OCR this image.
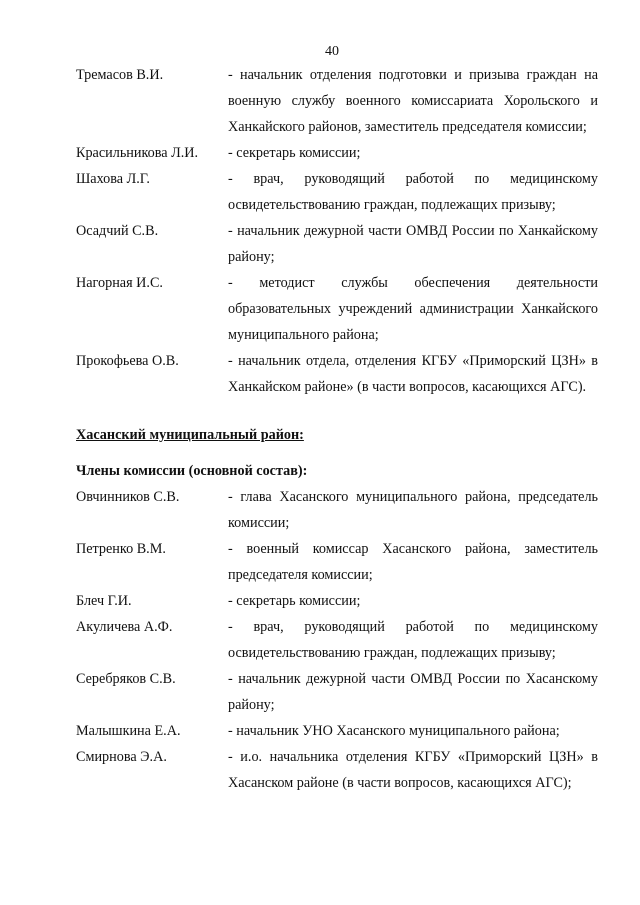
40
Тремасов В.И.	- начальник отделения подготовки и призыва граждан на военную службу военного комиссариата Хорольского и Ханкайского районов, заместитель председателя комиссии;
Красильникова Л.И.	- секретарь комиссии;
Шахова Л.Г.	- врач, руководящий работой по медицинскому освидетельствованию граждан, подлежащих призыву;
Осадчий С.В.	- начальник дежурной части ОМВД России по Ханкайскому району;
Нагорная И.С.	- методист службы обеспечения деятельности образовательных учреждений администрации Ханкайского муниципального района;
Прокофьева О.В.	- начальник отдела, отделения КГБУ «Приморский ЦЗН» в Ханкайском районе» (в части вопросов, касающихся АГС).
Хасанский муниципальный район:
Члены комиссии (основной состав):
Овчинников С.В.	- глава Хасанского муниципального района, председатель комиссии;
Петренко В.М.	- военный комиссар Хасанского района, заместитель председателя комиссии;
Блеч Г.И.	- секретарь комиссии;
Акуличева А.Ф.	- врач, руководящий работой по медицинскому освидетельствованию граждан, подлежащих призыву;
Серебряков С.В.	- начальник дежурной части ОМВД России по Хасанскому району;
Малышкина Е.А.	- начальник УНО Хасанского муниципального района;
Смирнова Э.А.	- и.о. начальника отделения КГБУ «Приморский ЦЗН» в Хасанском районе (в части вопросов, касающихся АГС);
